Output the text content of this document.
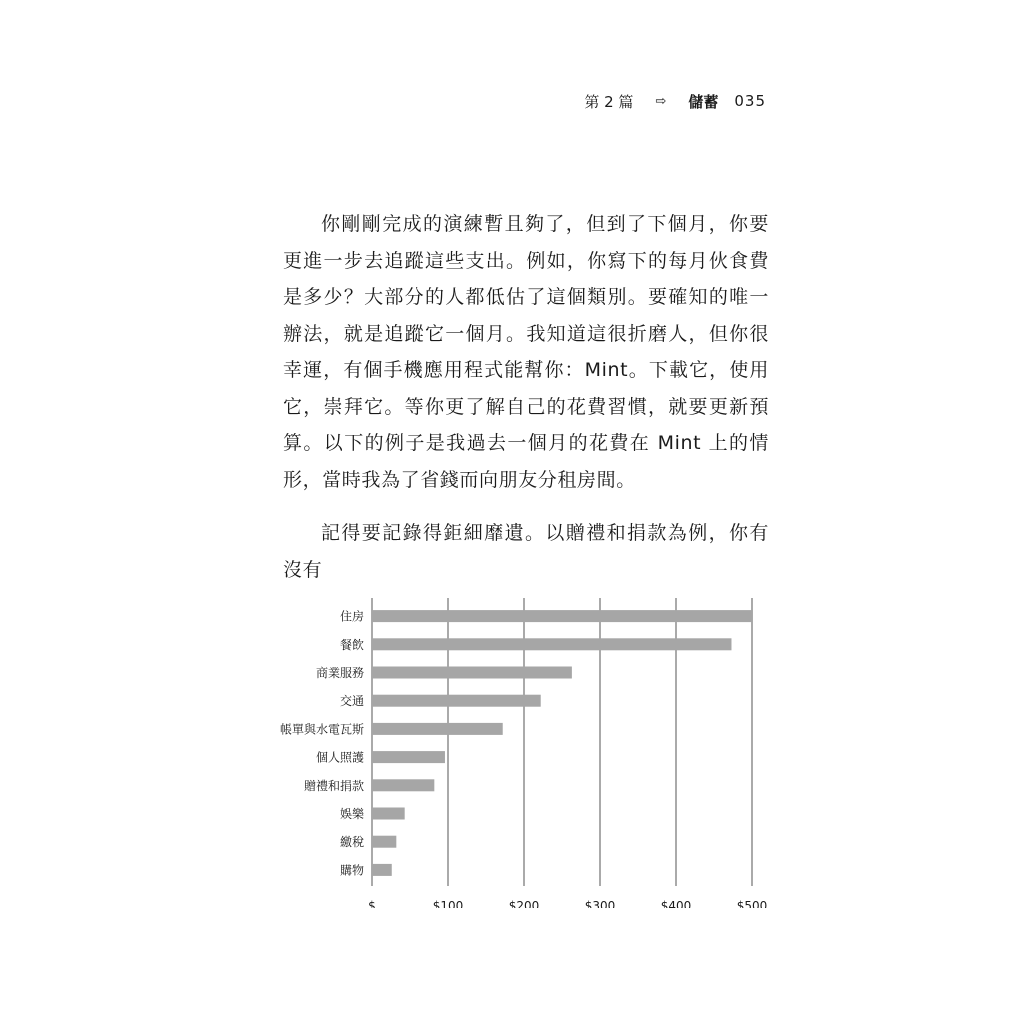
第 2 篇 ⇨ 儲蓄 035

你剛剛完成的演練暫且夠了，但到了下個月，你要更進一步去追蹤這些支出。例如，你寫下的每月伙食費是多少？大部分的人都低估了這個類別。要確知的唯一辦法，就是追蹤它一個月。我知道這很折磨人，但你很幸運，有個手機應用程式能幫你：Mint。下載它，使用它，崇拜它。等你更了解自己的花費習慣，就要更新預算。以下的例子是我過去一個月的花費在 Mint 上的情形，當時我為了省錢而向朋友分租房間。

記得要記錄得鉅細靡遺。以贈禮和捐款為例，你有沒有

住房
餐飲
商業服務
交通
帳單與水電瓦斯
個人照護
贈禮和捐款
娛樂
繳稅
購物
$	$100	$200	$300	$400	$500
